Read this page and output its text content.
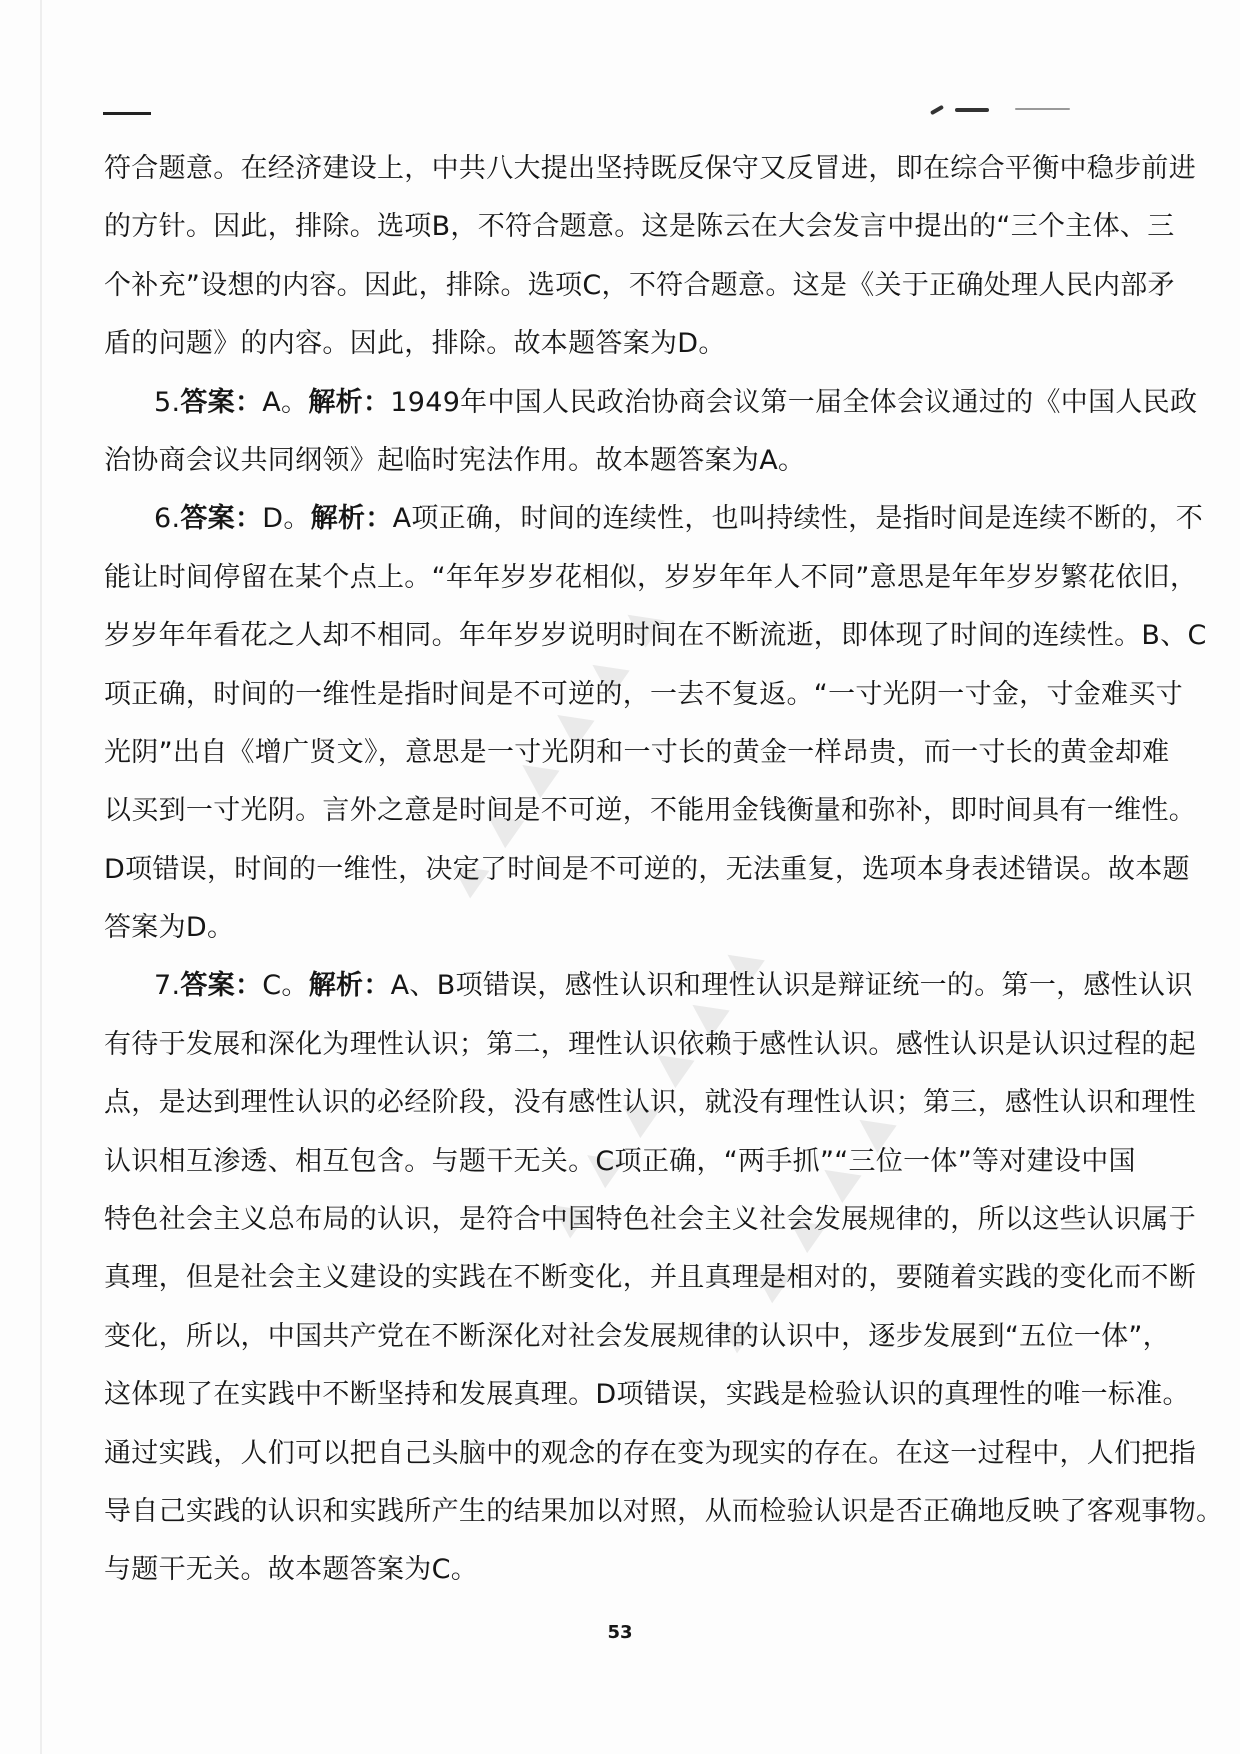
▲ ▲ ▲ ▲ ▲ ▲
▲ ▲ ▲ ▲ ▲ ▲
▲ ▲ ▲ ▲ ▲
符合题意。在经济建设上，中共八大提出坚持既反保守又反冒进，即在综合平衡中稳步前进
的方针。因此，排除。选项B，不符合题意。这是陈云在大会发言中提出的“三个主体、三
个补充”设想的内容。因此，排除。选项C，不符合题意。这是《关于正确处理人民内部矛
盾的问题》的内容。因此，排除。故本题答案为D。
5.答案：A。解析：1949年中国人民政治协商会议第一届全体会议通过的《中国人民政
治协商会议共同纲领》起临时宪法作用。故本题答案为A。
6.答案：D。解析：A项正确，时间的连续性，也叫持续性，是指时间是连续不断的，不
能让时间停留在某个点上。“年年岁岁花相似，岁岁年年人不同”意思是年年岁岁繁花依旧，
岁岁年年看花之人却不相同。年年岁岁说明时间在不断流逝，即体现了时间的连续性。B、C
项正确，时间的一维性是指时间是不可逆的，一去不复返。“一寸光阴一寸金，寸金难买寸
光阴”出自《增广贤文》，意思是一寸光阴和一寸长的黄金一样昂贵，而一寸长的黄金却难
以买到一寸光阴。言外之意是时间是不可逆，不能用金钱衡量和弥补，即时间具有一维性。
D项错误，时间的一维性，决定了时间是不可逆的，无法重复，选项本身表述错误。故本题
答案为D。
7.答案：C。解析：A、B项错误，感性认识和理性认识是辩证统一的。第一，感性认识
有待于发展和深化为理性认识；第二，理性认识依赖于感性认识。感性认识是认识过程的起
点，是达到理性认识的必经阶段，没有感性认识，就没有理性认识；第三，感性认识和理性
认识相互渗透、相互包含。与题干无关。C项正确，“两手抓”“三位一体”等对建设中国
特色社会主义总布局的认识，是符合中国特色社会主义社会发展规律的，所以这些认识属于
真理，但是社会主义建设的实践在不断变化，并且真理是相对的，要随着实践的变化而不断
变化，所以，中国共产党在不断深化对社会发展规律的认识中，逐步发展到“五位一体”，
这体现了在实践中不断坚持和发展真理。D项错误，实践是检验认识的真理性的唯一标准。
通过实践，人们可以把自己头脑中的观念的存在变为现实的存在。在这一过程中，人们把指
导自己实践的认识和实践所产生的结果加以对照，从而检验认识是否正确地反映了客观事物。
与题干无关。故本题答案为C。
53
